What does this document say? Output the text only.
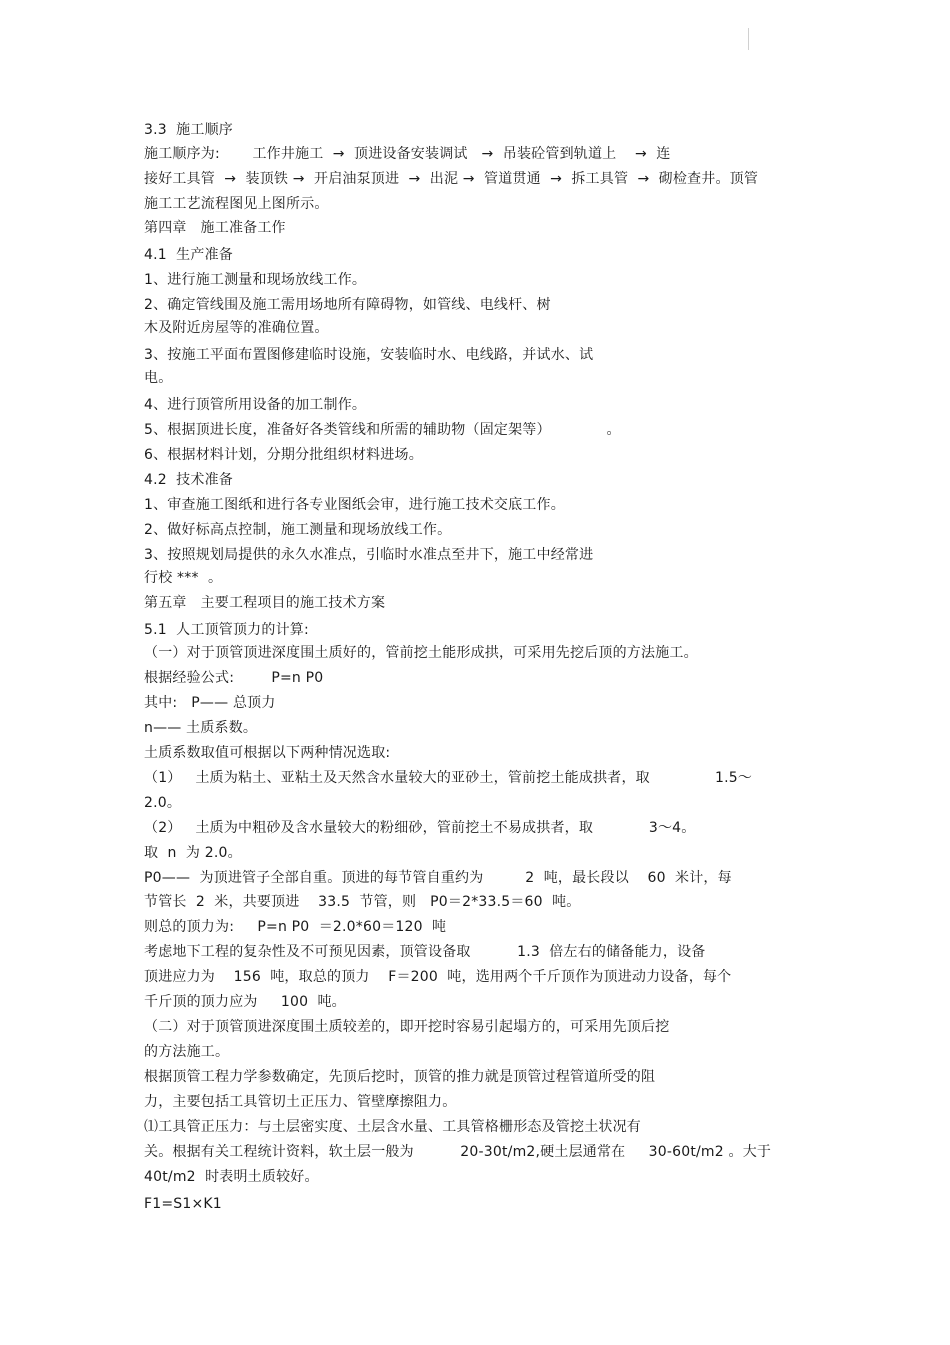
3.3  施工顺序
施工顺序为:       工作井施工  →  顶进设备安装调试   →  吊装砼管到轨道上    →  连
接好工具管  →  装顶铁 →  开启油泵顶进  →  出泥 →  管道贯通  →  拆工具管  →  砌检查井。顶管
施工工艺流程图见上图所示。
第四章   施工准备工作
4.1  生产准备
1、进行施工测量和现场放线工作。
2、确定管线围及施工需用场地所有障碍物，如管线、电线杆、树
木及附近房屋等的准确位置。
3、按施工平面布置图修建临时设施，安装临时水、电线路，并试水、试
电。
4、进行顶管所用设备的加工制作。
5、根据顶进长度，准备好各类管线和所需的辅助物（固定架等）            。
6、根据材料计划，分期分批组织材料进场。
4.2  技术准备
1、审查施工图纸和进行各专业图纸会审，进行施工技术交底工作。
2、做好标高点控制，施工测量和现场放线工作。
3、按照规划局提供的永久水准点，引临时水准点至井下，施工中经常进
行校 ***  。
第五章   主要工程项目的施工技术方案
5.1  人工顶管顶力的计算:
（一）对于顶管顶进深度围土质好的，管前挖土能形成拱，可采用先挖后顶的方法施工。
根据经验公式:        P=n P0
其中:   P—— 总顶力
n—— 土质系数。
土质系数取值可根据以下两种情况选取:
（1）   土质为粘土、亚粘土及天然含水量较大的亚砂土，管前挖土能成拱者，取              1.5～
2.0。
（2）   土质为中粗砂及含水量较大的粉细砂，管前挖土不易成拱者，取            3～4。
取  n  为 2.0。
P0——  为顶进管子全部自重。顶进的每节管自重约为         2  吨，最长段以    60  米计，每
节管长  2  米，共要顶进    33.5  节管，则   P0＝2*33.5＝60  吨。
则总的顶力为:     P=n P0  ＝2.0*60＝120  吨
考虑地下工程的复杂性及不可预见因素，顶管设备取          1.3  倍左右的储备能力，设备
顶进应力为    156  吨，取总的顶力    F＝200  吨，选用两个千斤顶作为顶进动力设备，每个
千斤顶的顶力应为     100  吨。
（二）对于顶管顶进深度围土质较差的，即开挖时容易引起塌方的，可采用先顶后挖
的方法施工。
根据顶管工程力学参数确定，先顶后挖时，顶管的推力就是顶管过程管道所受的阻
力，主要包括工具管切土正压力、管壁摩擦阻力。
⑴工具管正压力：与土层密实度、土层含水量、工具管格栅形态及管挖土状况有
关。根据有关工程统计资料，软土层一般为          20-30t/m2,硬土层通常在     30-60t/m2 。大于
40t/m2  时表明土质较好。
F1=S1×K1
